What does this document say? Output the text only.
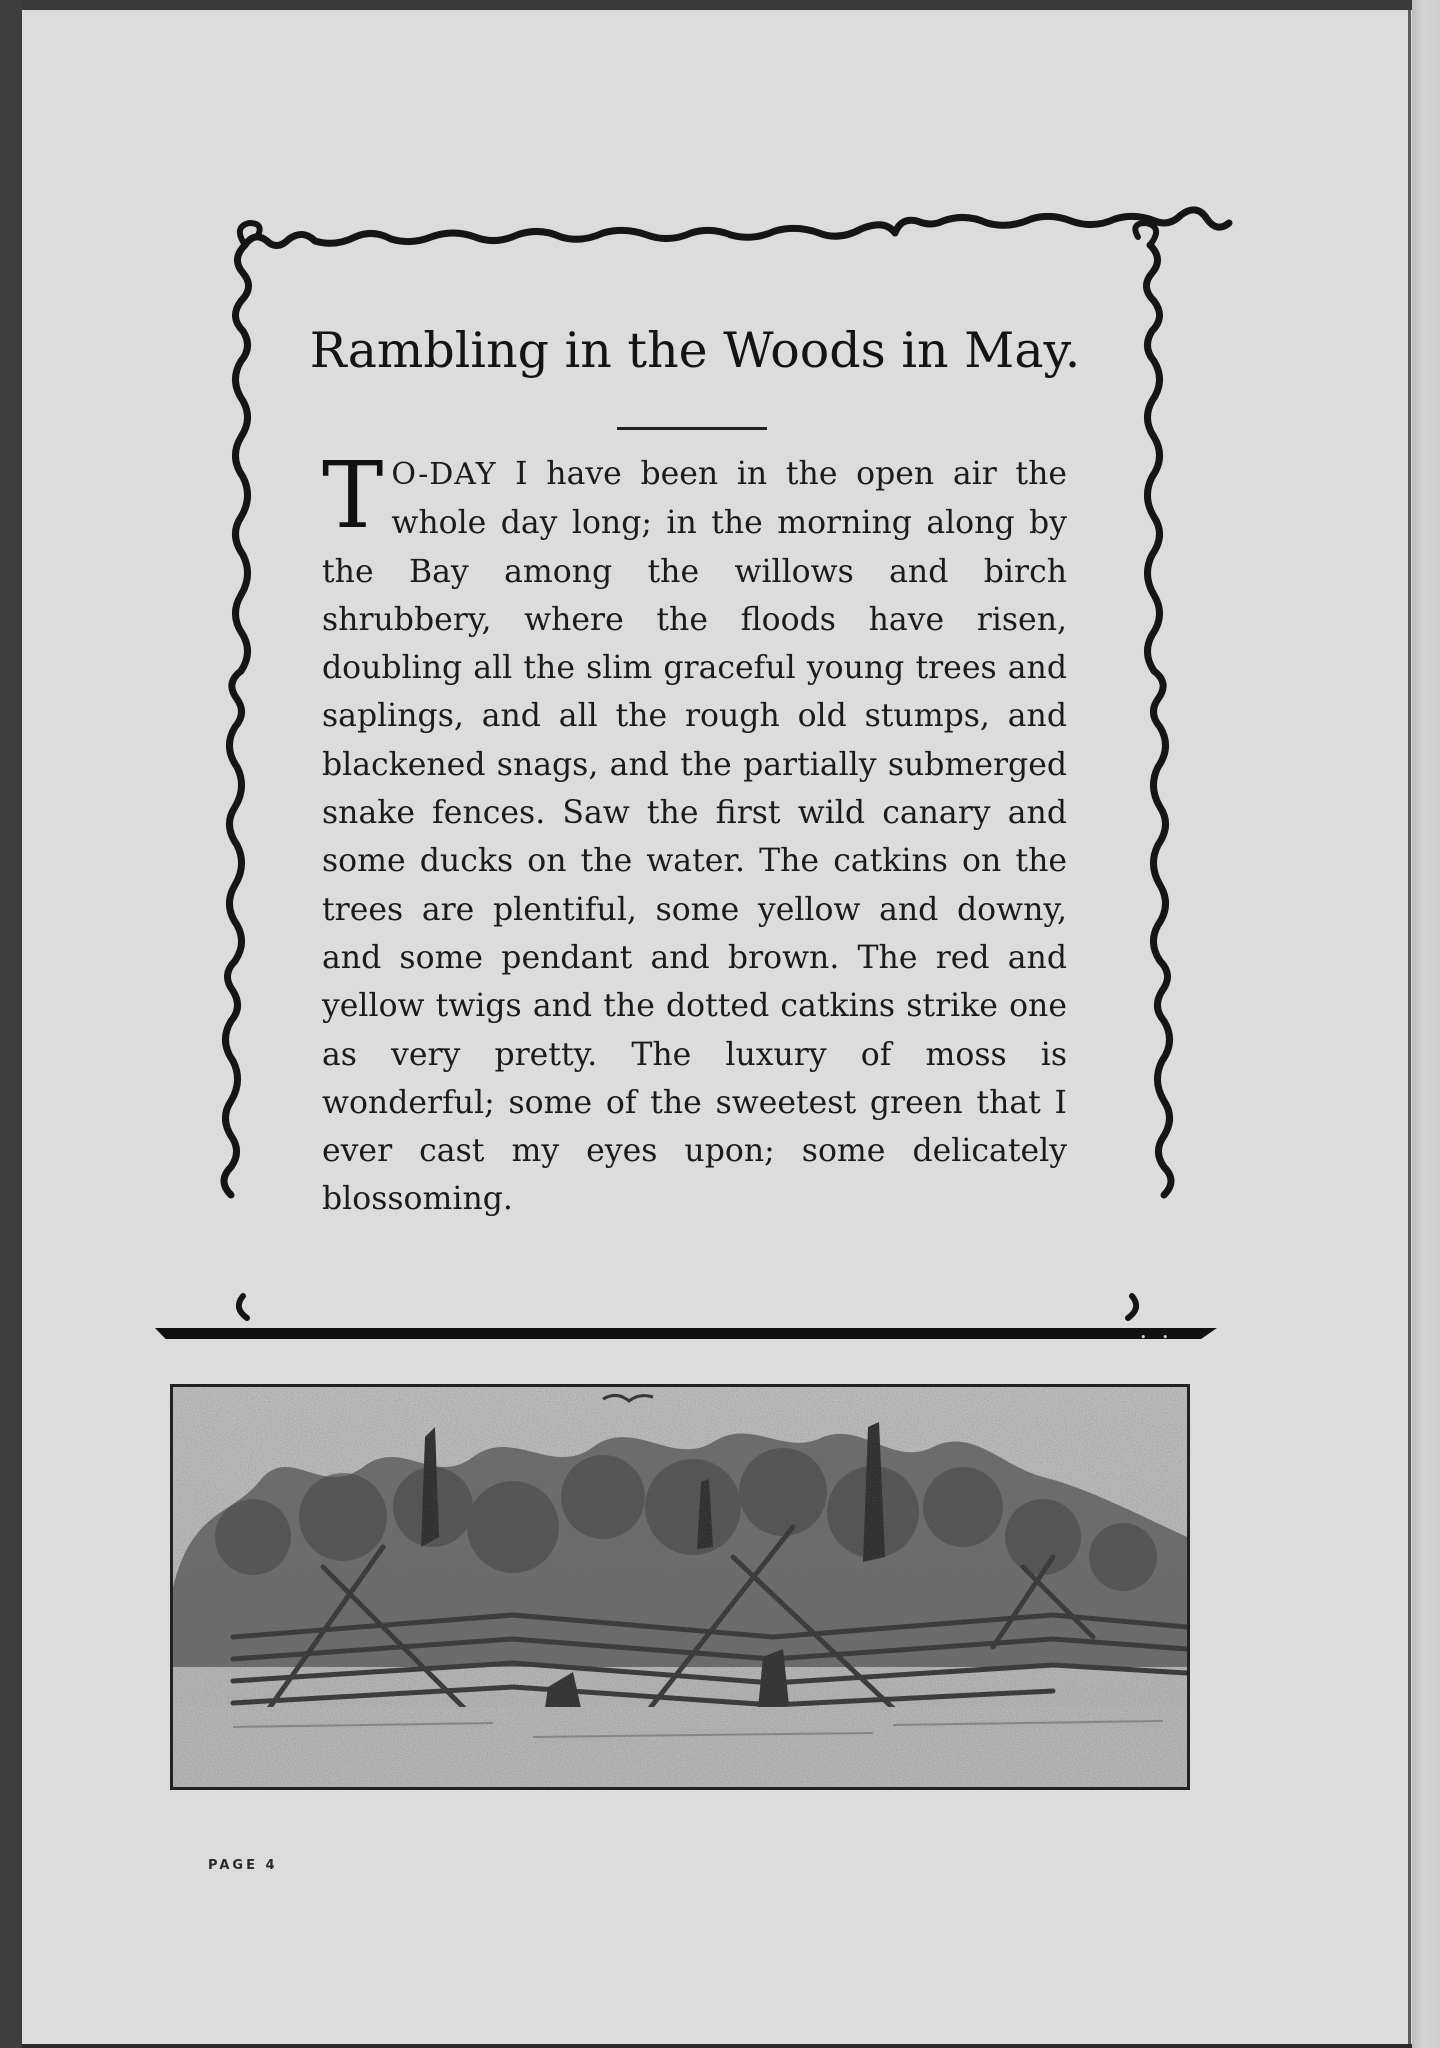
Rambling in the Woods in May.
T O-DAY I have been in the open air the whole day long; in the morning along by the Bay among the willows and birch shrubbery, where the floods have risen, doubling all the slim graceful young trees and saplings, and all the rough old stumps, and blackened snags, and the partially submerged snake fences. Saw the first wild canary and some ducks on the water. The catkins on the trees are plentiful, some yellow and downy, and some pendant and brown. The red and yellow twigs and the dotted catkins strike one as very pretty. The luxury of moss is wonderful; some of the sweetest green that I ever cast my eyes upon; some delicately blossoming.
• •
PAGE 4
